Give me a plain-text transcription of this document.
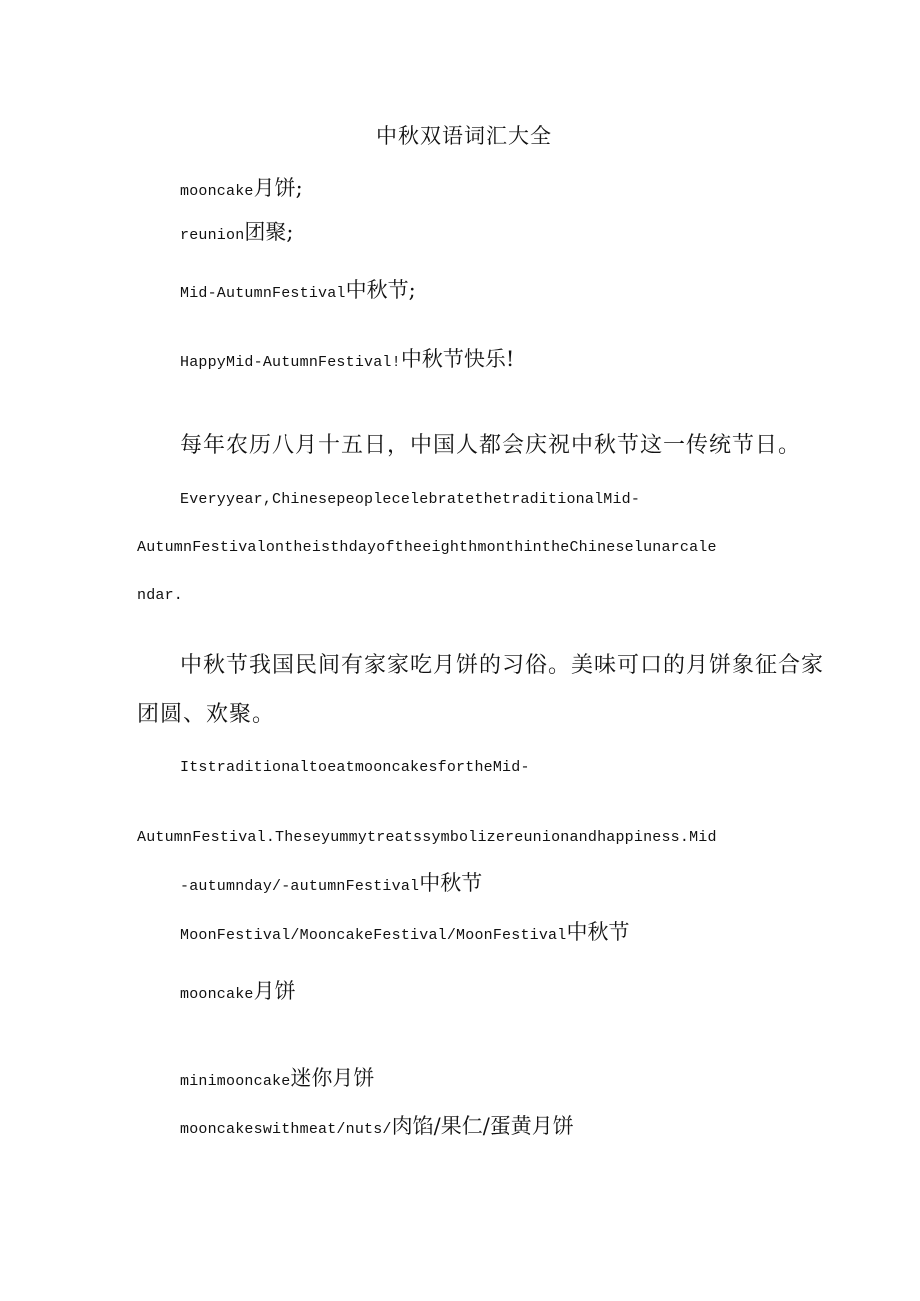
中秋双语词汇大全
mooncake月饼;
reunion团聚;
Mid-AutumnFestival中秋节;
HappyMid-AutumnFestival!中秋节快乐!
每年农历八月十五日，中国人都会庆祝中秋节这一传统节日。
Everyyear,ChinesepeoplecelebratethetraditionalMid-
AutumnFestivalontheisthdayoftheeighthmonthintheChineselunarcale
ndar.
中秋节我国民间有家家吃月饼的习俗。美味可口的月饼象征合家
团圆、欢聚。
ItstraditionaltoeatmooncakesfortheMid-
AutumnFestival.Theseyummytreatssymbolizereunionandhappiness.Mid
-autumnday/-autumnFestival中秋节
MoonFestival/MooncakeFestival/MoonFestival中秋节
mooncake月饼
minimooncake迷你月饼
mooncakeswithmeat/nuts/肉馅/果仁/蛋黄月饼
